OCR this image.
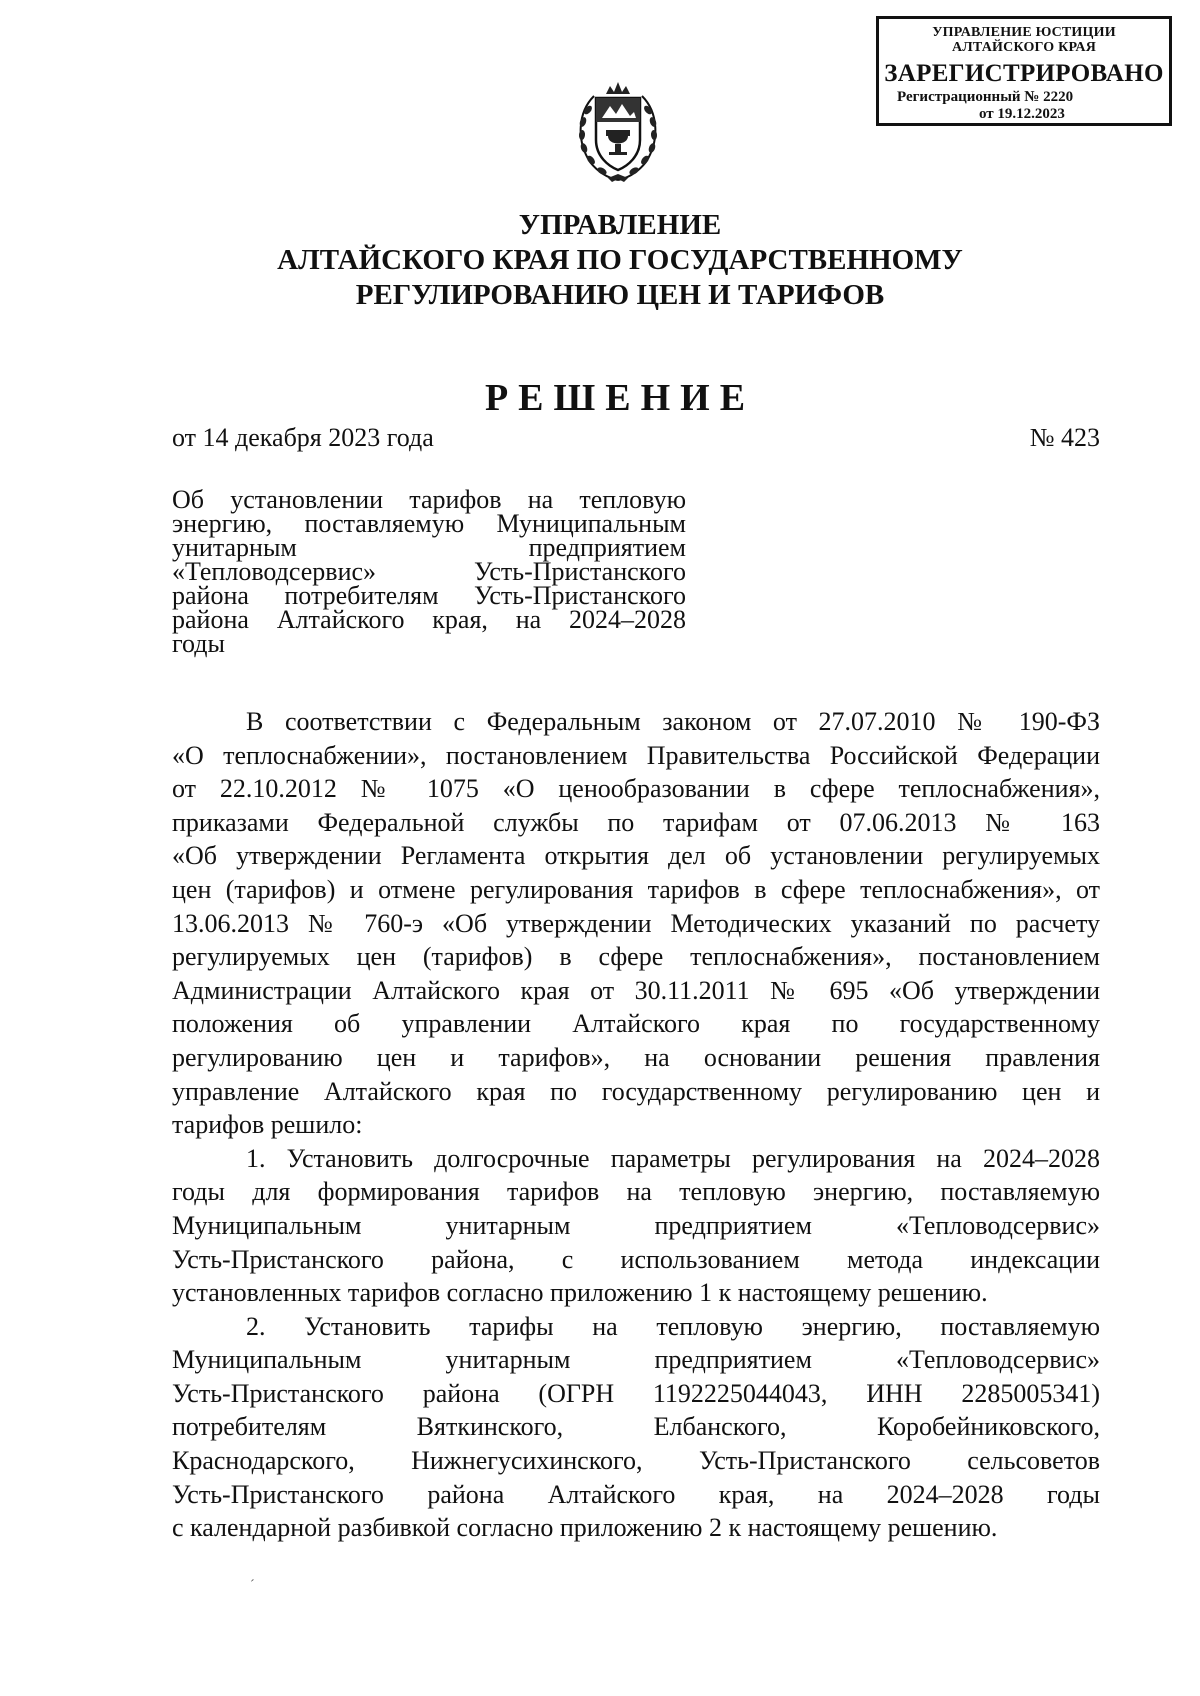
УПРАВЛЕНИЕ ЮСТИЦИИ
АЛТАЙСКОГО КРАЯ
ЗАРЕГИСТРИРОВАНО
Регистрационный № 2220
от 19.12.2023
УПРАВЛЕНИЕ
АЛТАЙСКОГО КРАЯ ПО ГОСУДАРСТВЕННОМУ
РЕГУЛИРОВАНИЮ ЦЕН И ТАРИФОВ
РЕШЕНИЕ
от 14 декабря 2023 года	№ 423
Об установлении тарифов на тепловую
энергию, поставляемую Муниципальным
унитарным предприятием
«Тепловодсервис» Усть-Пристанского
района потребителям Усть-Пристанского
района Алтайского края, на 2024–2028
годы
В соответствии с Федеральным законом от 27.07.2010 № 190-ФЗ
«О теплоснабжении», постановлением Правительства Российской Федерации
от 22.10.2012 № 1075 «О ценообразовании в сфере теплоснабжения»,
приказами Федеральной службы по тарифам от 07.06.2013 № 163
«Об утверждении Регламента открытия дел об установлении регулируемых
цен (тарифов) и отмене регулирования тарифов в сфере теплоснабжения», от
13.06.2013 № 760-э «Об утверждении Методических указаний по расчету
регулируемых цен (тарифов) в сфере теплоснабжения», постановлением
Администрации Алтайского края от 30.11.2011 № 695 «Об утверждении
положения об управлении Алтайского края по государственному
регулированию цен и тарифов», на основании решения правления
управление Алтайского края по государственному регулированию цен и
тарифов решило:
1. Установить долгосрочные параметры регулирования на 2024–2028
годы для формирования тарифов на тепловую энергию, поставляемую
Муниципальным унитарным предприятием «Тепловодсервис»
Усть-Пристанского района, с использованием метода индексации
установленных тарифов согласно приложению 1 к настоящему решению.
2. Установить тарифы на тепловую энергию, поставляемую
Муниципальным унитарным предприятием «Тепловодсервис»
Усть-Пристанского района (ОГРН 1192225044043, ИНН 2285005341)
потребителям Вяткинского, Елбанского, Коробейниковского,
Краснодарского, Нижнегусихинского, Усть-Пристанского сельсоветов
Усть-Пристанского района Алтайского края, на 2024–2028 годы
с календарной разбивкой согласно приложению 2 к настоящему решению.
´
